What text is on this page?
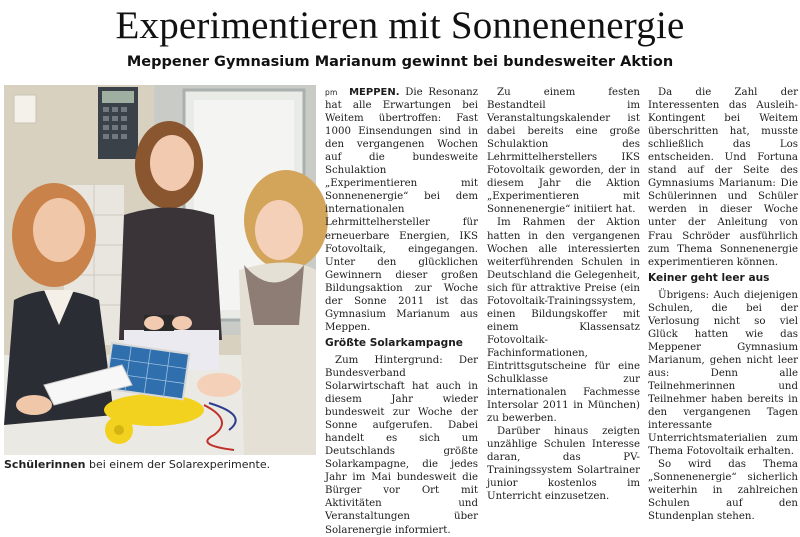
Experimentieren mit Sonnenenergie
Meppener Gymnasium Marianum gewinnt bei bundesweiter Aktion
Schülerinnen bei einem der Solarexperimente.

pm MEPPEN. Die Resonanz hat alle Erwartungen bei Weitem übertroffen: Fast 1000 Einsendungen sind in den vergangenen Wochen auf die bundesweite Schulaktion „Experimentieren mit Sonnenenergie“ bei dem internationalen Lehrmittelhersteller für erneuerbare Energien, IKS Fotovoltaik, eingegangen. Unter den glücklichen Gewinnern dieser großen Bildungsaktion zur Woche der Sonne 2011 ist das Gymnasium Marianum aus Meppen.

Größte Solarkampagne

Zum Hintergrund: Der Bundesverband Solarwirtschaft hat auch in diesem Jahr wieder bundesweit zur Woche der Sonne aufgerufen. Dabei handelt es sich um Deutschlands größte Solarkampagne, die jedes Jahr im Mai bundesweit die Bürger vor Ort mit Aktivitäten und Veranstaltungen über Solarenergie informiert.

Zu einem festen Bestandteil im Veranstaltungskalender ist dabei bereits eine große Schulaktion des Lehrmittelherstellers IKS Fotovoltaik geworden, der in diesem Jahr die Aktion „Experimentieren mit Sonnenenergie“ initiiert hat.

Im Rahmen der Aktion hatten in den vergangenen Wochen alle interessierten weiterführenden Schulen in Deutschland die Gelegenheit, sich für attraktive Preise (ein Fotovoltaik-Trainingssystem, einen Bildungskoffer mit einem Klassensatz Fotovoltaik-Fachinformationen, Eintrittsgutscheine für eine Schulklasse zur internationalen Fachmesse Intersolar 2011 in München) zu bewerben.

Darüber hinaus zeigten unzählige Schulen Interesse daran, das PV-Trainingssystem Solartrainer junior kostenlos im Unterricht einzusetzen.

Da die Zahl der Interessenten das Ausleih-Kontingent bei Weitem überschritten hat, musste schließlich das Los entscheiden. Und Fortuna stand auf der Seite des Gymnasiums Marianum: Die Schülerinnen und Schüler werden in dieser Woche unter der Anleitung von Frau Schröder ausführlich zum Thema Sonnenenergie experimentieren können.

Keiner geht leer aus

Übrigens: Auch diejenigen Schulen, die bei der Verlosung nicht so viel Glück hatten wie das Meppener Gymnasium Marianum, gehen nicht leer aus: Denn alle Teilnehmerinnen und Teilnehmer haben bereits in den vergangenen Tagen interessante Unterrichtsmaterialien zum Thema Fotovoltaik erhalten.

So wird das Thema „Sonnenenergie“ sicherlich weiterhin in zahlreichen Schulen auf den Stundenplan stehen.
